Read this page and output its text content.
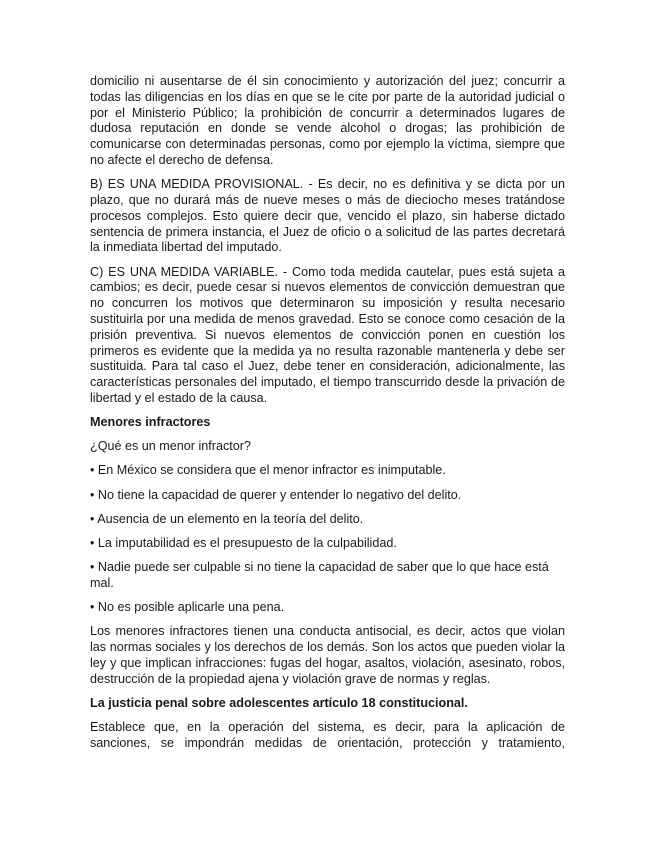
domicilio ni ausentarse de él sin conocimiento y autorización del juez; concurrir a todas las diligencias en los días en que se le cite por parte de la autoridad judicial o por el Ministerio Público; la prohibición de concurrir a determinados lugares de dudosa reputación en donde se vende alcohol o drogas; las prohibición de comunicarse con determinadas personas, como por ejemplo la víctima, siempre que no afecte el derecho de defensa.

B) ES UNA MEDIDA PROVISIONAL. - Es decir, no es definitiva y se dicta por un plazo, que no durará más de nueve meses o más de dieciocho meses tratándose procesos complejos. Esto quiere decir que, vencido el plazo, sin haberse dictado sentencia de primera instancia, el Juez de oficio o a solicitud de las partes decretará la inmediata libertad del imputado.

C) ES UNA MEDIDA VARIABLE. - Como toda medida cautelar, pues está sujeta a cambios; es decir, puede cesar si nuevos elementos de convicción demuestran que no concurren los motivos que determinaron su imposición y resulta necesario sustituirla por una medida de menos gravedad. Esto se conoce como cesación de la prisión preventiva. Si nuevos elementos de convicción ponen en cuestión los primeros es evidente que la medida ya no resulta razonable mantenerla y debe ser sustituida. Para tal caso el Juez, debe tener en consideración, adicionalmente, las características personales del imputado, el tiempo transcurrido desde la privación de libertad y el estado de la causa.

Menores infractores

¿Qué es un menor infractor?

• En México se considera que el menor infractor es inimputable.

• No tiene la capacidad de querer y entender lo negativo del delito.

• Ausencia de un elemento en la teoría del delito.

• La imputabilidad es el presupuesto de la culpabilidad.

• Nadie puede ser culpable si no tiene la capacidad de saber que lo que hace está mal.

• No es posible aplicarle una pena.

Los menores infractores tienen una conducta antisocial, es decir, actos que violan las normas sociales y los derechos de los demás. Son los actos que pueden violar la ley y que implican infracciones: fugas del hogar, asaltos, violación, asesinato, robos, destrucción de la propiedad ajena y violación grave de normas y reglas.

La justicia penal sobre adolescentes artículo 18 constitucional.

Establece que, en la operación del sistema, es decir, para la aplicación de sanciones, se impondrán medidas de orientación, protección y tratamiento,
